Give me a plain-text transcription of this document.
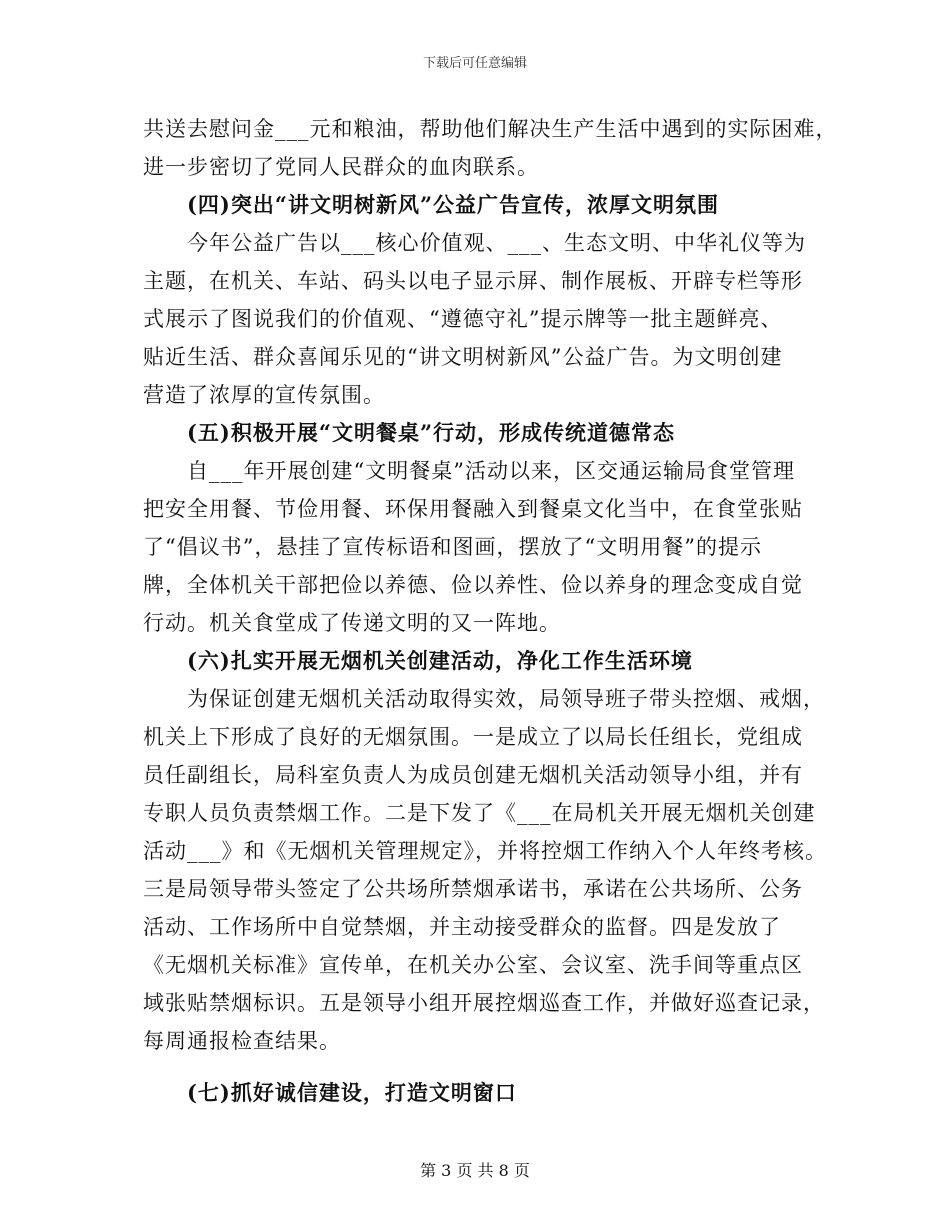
下载后可任意编辑
共送去慰问金___元和粮油，帮助他们解决生产生活中遇到的实际困难，
进一步密切了党同人民群众的血肉联系。
(四)突出“讲文明树新风”公益广告宣传，浓厚文明氛围
今年公益广告以___核心价值观、___、生态文明、中华礼仪等为
主题，在机关、车站、码头以电子显示屏、制作展板、开辟专栏等形
式展示了图说我们的价值观、“遵德守礼”提示牌等一批主题鲜亮、
贴近生活、群众喜闻乐见的“讲文明树新风”公益广告。为文明创建
营造了浓厚的宣传氛围。
(五)积极开展“文明餐桌”行动，形成传统道德常态
自___年开展创建“文明餐桌”活动以来，区交通运输局食堂管理
把安全用餐、节俭用餐、环保用餐融入到餐桌文化当中，在食堂张贴
了“倡议书”，悬挂了宣传标语和图画，摆放了“文明用餐”的提示
牌，全体机关干部把俭以养德、俭以养性、俭以养身的理念变成自觉
行动。机关食堂成了传递文明的又一阵地。
(六)扎实开展无烟机关创建活动，净化工作生活环境
为保证创建无烟机关活动取得实效，局领导班子带头控烟、戒烟，
机关上下形成了良好的无烟氛围。一是成立了以局长任组长，党组成
员任副组长，局科室负责人为成员创建无烟机关活动领导小组，并有
专职人员负责禁烟工作。二是下发了《___在局机关开展无烟机关创建
活动___》和《无烟机关管理规定》，并将控烟工作纳入个人年终考核。
三是局领导带头签定了公共场所禁烟承诺书，承诺在公共场所、公务
活动、工作场所中自觉禁烟，并主动接受群众的监督。四是发放了
《无烟机关标准》宣传单，在机关办公室、会议室、洗手间等重点区
域张贴禁烟标识。五是领导小组开展控烟巡查工作，并做好巡查记录，
每周通报检查结果。
(七)抓好诚信建设，打造文明窗口
第 3 页 共 8 页
